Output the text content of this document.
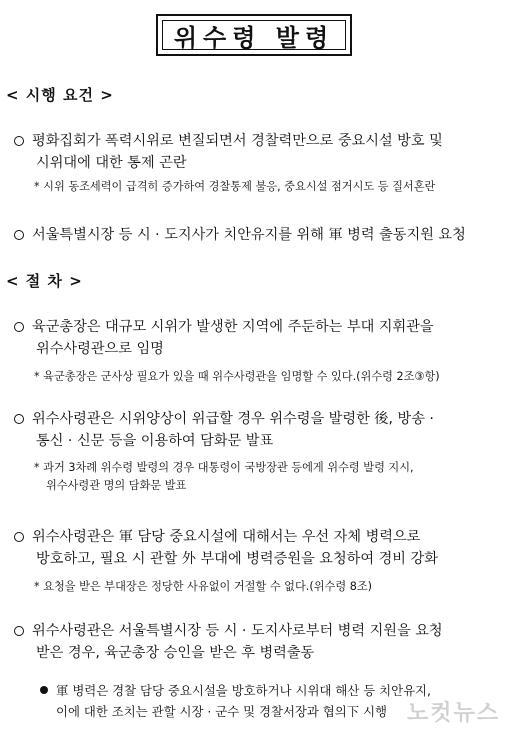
위수령 발령
< 시행 요건 >
평화집회가 폭력시위로 변질되면서 경찰력만으로 중요시설 방호 및
시위대에 대한 통제 곤란
* 시위 동조세력이 급격히 증가하여 경찰통제 불응, 중요시설 점거시도 등 질서혼란
서울특별시장 등 시 · 도지사가 치안유지를 위해 軍 병력 출동지원 요청
< 절 차 >
육군총장은 대규모 시위가 발생한 지역에 주둔하는 부대 지휘관을
위수사령관으로 임명
* 육군총장은 군사상 필요가 있을 때 위수사령관을 임명할 수 있다.(위수령 2조③항)
위수사령관은 시위양상이 위급할 경우 위수령을 발령한 後, 방송 ·
통신 · 신문 등을 이용하여 담화문 발표
* 과거 3차례 위수령 발령의 경우 대통령이 국방장관 등에게 위수령 발령 지시,
위수사령관 명의 담화문 발표
위수사령관은 軍 담당 중요시설에 대해서는 우선 자체 병력으로
방호하고, 필요 시 관할 外 부대에 병력증원을 요청하여 경비 강화
* 요청을 받은 부대장은 정당한 사유없이 거절할 수 없다.(위수령 8조)
위수사령관은 서울특별시장 등 시 · 도지사로부터 병력 지원을 요청
받은 경우, 육군총장 승인을 받은 후 병력출동
軍 병력은 경찰 담당 중요시설을 방호하거나 시위대 해산 등 치안유지,
이에 대한 조치는 관할 시장 · 군수 및 경찰서장과 협의下 시행 노컷뉴스
